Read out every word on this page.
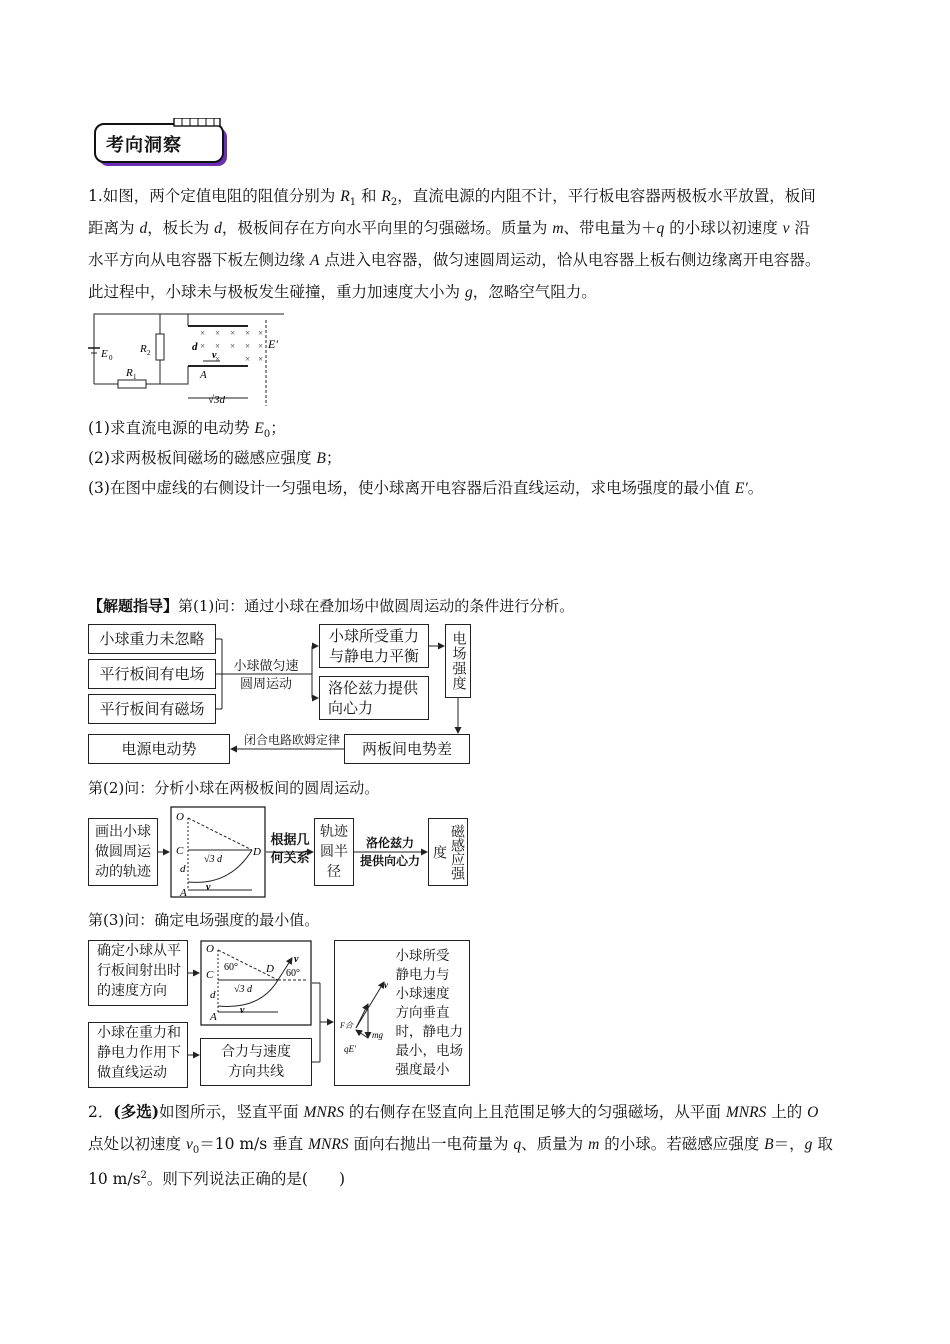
考向洞察
1.如图，两个定值电阻的阻值分别为 $R_1$ 和 $R_2$，直流电源的内阻不计，平行板电容器两极板水平放置，板间
距离为 d，板长为 d，极板间存在方向水平向里的匀强磁场。质量为 m、带电量为＋q 的小球以初速度 v 沿
水平方向从电容器下板左侧边缘 A 点进入电容器，做匀速圆周运动，恰从电容器上板右侧边缘离开电容器。
此过程中，小球未与极板发生碰撞，重力加速度大小为 g，忽略空气阻力。
E 0
R 2
R 1
× × × × ×
× × × × ×
×	× ×
d
v
A
E′
√3d
(1)求直流电源的电动势 $E_0$；
(2)求两极板间磁场的磁感应强度 B；
(3)在图中虚线的右侧设计一匀强电场，使小球离开电容器后沿直线运动，求电场强度的最小值 E′。
【解题指导】第(1)问：通过小球在叠加场中做圆周运动的条件进行分析。
小球重力未忽略
平行板间有电场
平行板间有磁场
小球做匀速
圆周运动
小球所受重力
与静电力平衡
洛伦兹力提供
向心力
电场强度
电源电动势	两板间电势差
闭合电路欧姆定律
第(2)问：分析小球在两极板间的圆周运动。
画出小球
做圆周运
动的轨迹
O
C	D
d
√3 d
A v
根据几
何关系
轨迹
圆半
径
洛伦兹力
提供向心力	磁感应强度
第(3)问：确定电场强度的最小值。
确定小球从平
行板间射出时
的速度方向
小球在重力和
静电力作用下
做直线运动
O
60°
C	D 60°
v
d √3 d
A
v
合力与速度
方向共线
小球所受
静电力与
小球速度
方向垂直
时，静电力
最小，电场
强度最小
v
F合
mg
qE′
2．(多选)如图所示，竖直平面 MNRS 的右侧存在竖直向上且范围足够大的匀强磁场，从平面 MNRS 上的 O
点处以初速度 $v_0=10$ m/s 垂直 MNRS 面向右抛出一电荷量为 q、质量为 m 的小球。若磁感应强度 B＝，g 取
10 $m/s^2$。则下列说法正确的是(　　)
